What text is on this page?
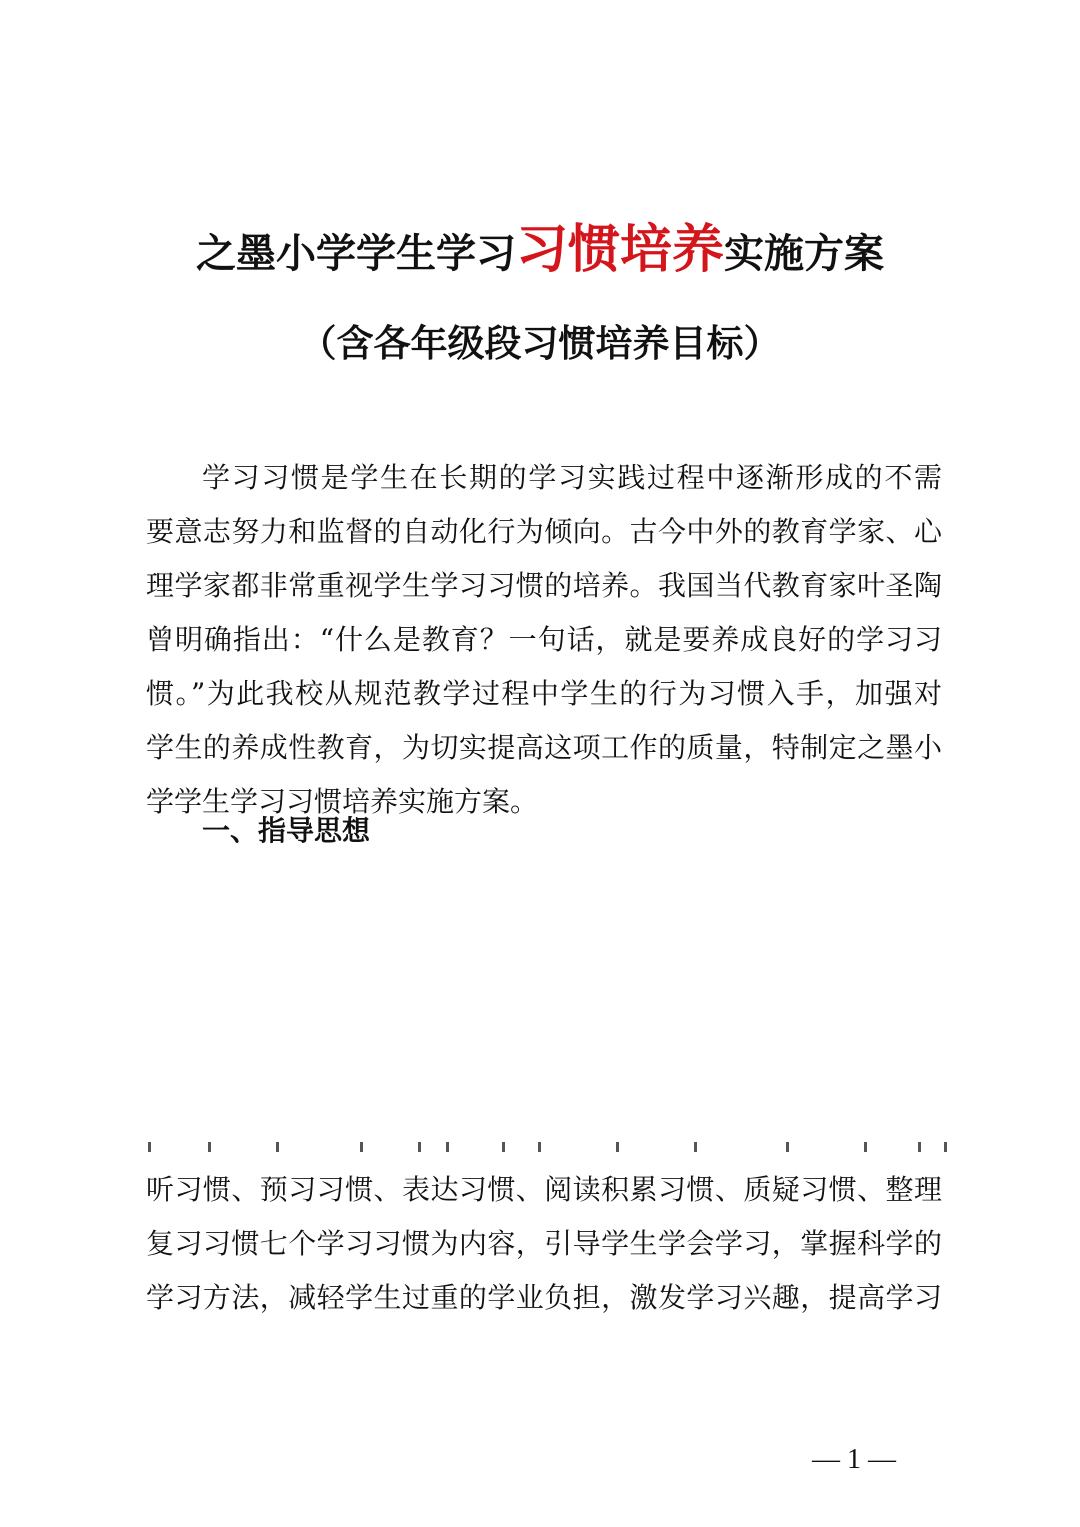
之墨小学学生学习习惯培养实施方案
（含各年级段习惯培养目标）
学习习惯是学生在长期的学习实践过程中逐渐形成的不需
要意志努力和监督的自动化行为倾向。古今中外的教育学家、心
理学家都非常重视学生学习习惯的培养。我国当代教育家叶圣陶
曾明确指出：“什么是教育？一句话，就是要养成良好的学习习
惯。”为此我校从规范教学过程中学生的行为习惯入手，加强对
学生的养成性教育，为切实提高这项工作的质量，特制定之墨小
学学生学习习惯培养实施方案。
一、指导思想
听习惯、预习习惯、表达习惯、阅读积累习惯、质疑习惯、整理
复习习惯七个学习习惯为内容，引导学生学会学习，掌握科学的
学习方法，减轻学生过重的学业负担，激发学习兴趣，提高学习
— 1 —
